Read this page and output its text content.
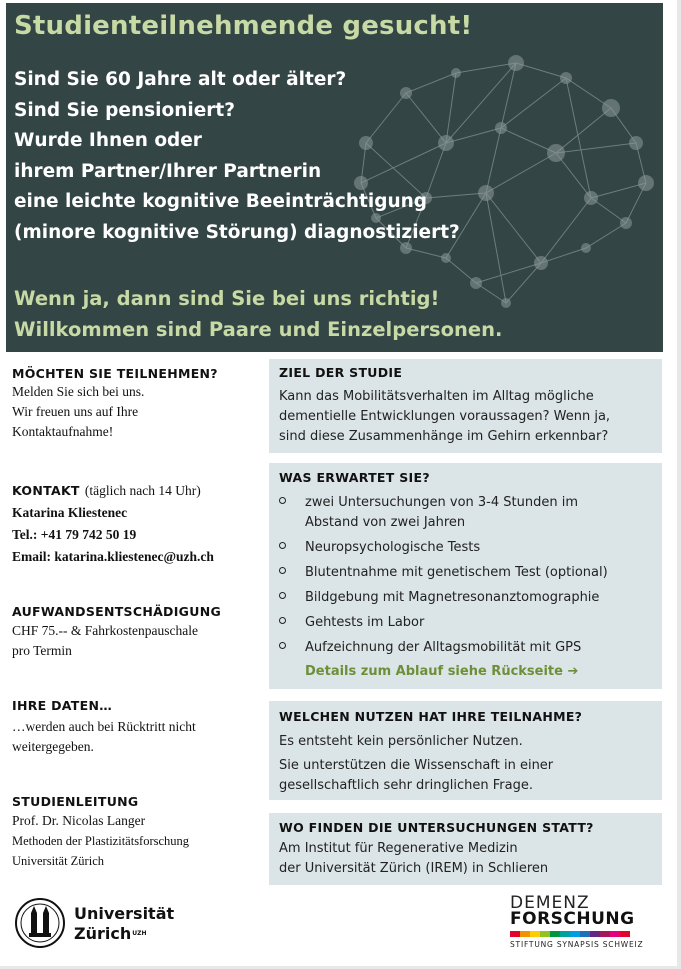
Studienteilnehmende gesucht!
Sind Sie 60 Jahre alt oder älter?
Sind Sie pensioniert?
Wurde Ihnen oder
ihrem Partner/Ihrer Partnerin
eine leichte kognitive Beeinträchtigung
(minore kognitive Störung) diagnostiziert?
Wenn ja, dann sind Sie bei uns richtig!
Willkommen sind Paare und Einzelpersonen.
MÖCHTEN SIE TEILNEHMEN?
Melden Sie sich bei uns.
Wir freuen uns auf Ihre
Kontaktaufnahme!
KONTAKT (täglich nach 14 Uhr)
Katarina Kliestenec
Tel.: +41 79 742 50 19
Email: katarina.kliestenec@uzh.ch
AUFWANDSENTSCHÄDIGUNG
CHF 75.-- & Fahrkostenpauschale
pro Termin
IHRE DATEN…
…werden auch bei Rücktritt nicht
weitergegeben.
STUDIENLEITUNG
Prof. Dr. Nicolas Langer
Methoden der Plastizitätsforschung
Universität Zürich
ZIEL DER STUDIE
Kann das Mobilitätsverhalten im Alltag mögliche
dementielle Entwicklungen voraussagen? Wenn ja,
sind diese Zusammenhänge im Gehirn erkennbar?
WAS ERWARTET SIE?
zwei Untersuchungen von 3-4 Stunden im
Abstand von zwei Jahren
Neuropsychologische Tests
Blutentnahme mit genetischem Test (optional)
Bildgebung mit Magnetresonanztomographie
Gehtests im Labor
Aufzeichnung der Alltagsmobilität mit GPS
Details zum Ablauf siehe Rückseite ➔
WELCHEN NUTZEN HAT IHRE TEILNAHME?
Es entsteht kein persönlicher Nutzen.
Sie unterstützen die Wissenschaft in einer
gesellschaftlich sehr dringlichen Frage.
WO FINDEN DIE UNTERSUCHUNGEN STATT?
Am Institut für Regenerative Medizin
der Universität Zürich (IREM) in Schlieren
Universität
Zürich$^{UZH}$
DEMENZ
FORSCHUNG
STIFTUNG SYNAPSIS SCHWEIZ
